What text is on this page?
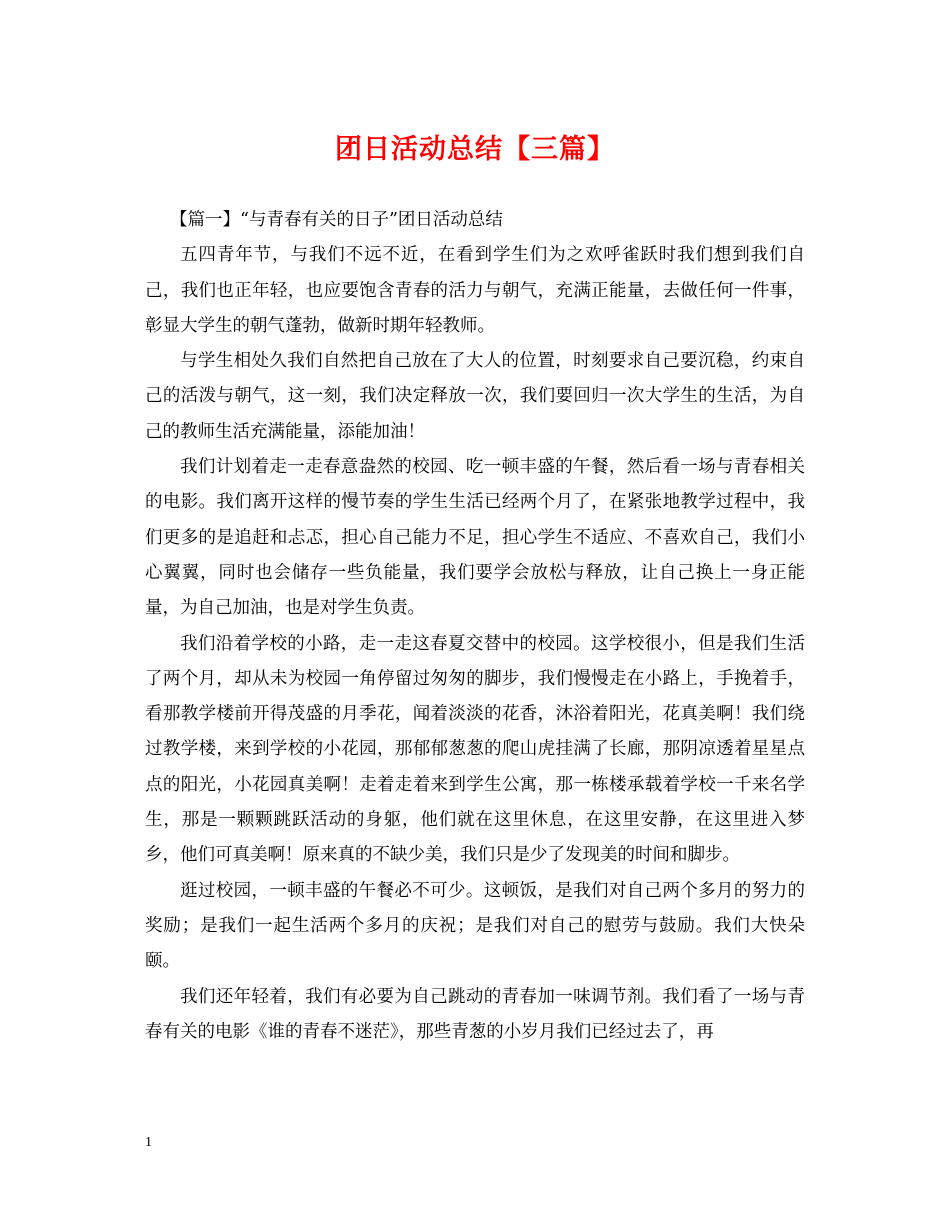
团日活动总结【三篇】

【篇一】“与青春有关的日子”团日活动总结

五四青年节，与我们不远不近，在看到学生们为之欢呼雀跃时我们想到我们自己，我们也正年轻，也应要饱含青春的活力与朝气，充满正能量，去做任何一件事，彰显大学生的朝气蓬勃，做新时期年轻教师。

与学生相处久我们自然把自己放在了大人的位置，时刻要求自己要沉稳，约束自己的活泼与朝气，这一刻，我们决定释放一次，我们要回归一次大学生的生活，为自己的教师生活充满能量，添能加油！

我们计划着走一走春意盎然的校园、吃一顿丰盛的午餐，然后看一场与青春相关的电影。我们离开这样的慢节奏的学生生活已经两个月了，在紧张地教学过程中，我们更多的是追赶和忐忑，担心自己能力不足，担心学生不适应、不喜欢自己，我们小心翼翼，同时也会储存一些负能量，我们要学会放松与释放，让自己换上一身正能量，为自己加油，也是对学生负责。

我们沿着学校的小路，走一走这春夏交替中的校园。这学校很小，但是我们生活了两个月，却从未为校园一角停留过匆匆的脚步，我们慢慢走在小路上，手挽着手，看那教学楼前开得茂盛的月季花，闻着淡淡的花香，沐浴着阳光，花真美啊！我们绕过教学楼，来到学校的小花园，那郁郁葱葱的爬山虎挂满了长廊，那阴凉透着星星点点的阳光，小花园真美啊！走着走着来到学生公寓，那一栋楼承载着学校一千来名学生，那是一颗颗跳跃活动的身躯，他们就在这里休息，在这里安静，在这里进入梦乡，他们可真美啊！原来真的不缺少美，我们只是少了发现美的时间和脚步。

逛过校园，一顿丰盛的午餐必不可少。这顿饭，是我们对自己两个多月的努力的奖励；是我们一起生活两个多月的庆祝；是我们对自己的慰劳与鼓励。我们大快朵颐。

我们还年轻着，我们有必要为自己跳动的青春加一味调节剂。我们看了一场与青春有关的电影《谁的青春不迷茫》，那些青葱的小岁月我们已经过去了，再

1
